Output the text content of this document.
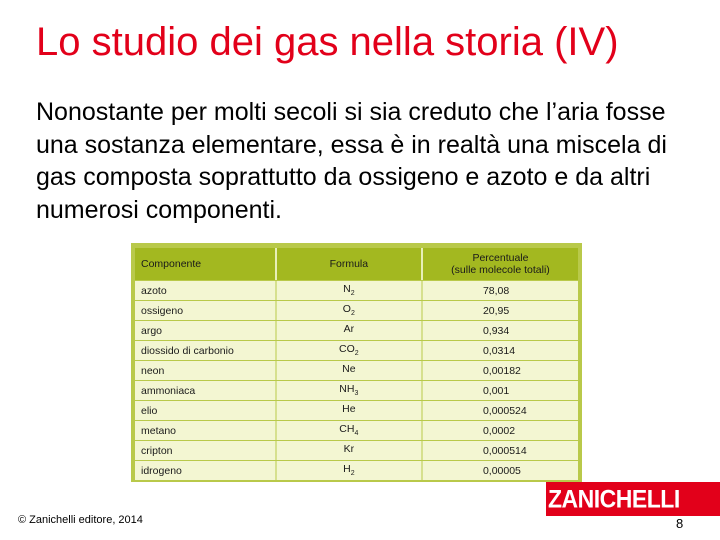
Lo studio dei gas nella storia (IV)

Nonostante per molti secoli si sia creduto che l’aria fosse una sostanza elementare, essa è in realtà una miscela di gas composta soprattutto da ossigeno e azoto e da altri numerosi componenti.

Componente	Formula	Percentuale
(sulle molecole totali)

azoto	$N_2$	78,08
ossigeno	$O_2$	20,95
argo	Ar	0,934
diossido di carbonio	$CO_2$	0,0314
neon	Ne	0,00182
ammoniaca	$NH_3$	0,001
elio	He	0,000524
metano	$CH_4$	0,0002
cripton	Kr	0,000514
idrogeno	$H_2$	0,00005
© Zanichelli editore, 2014
ZANICHELLI
8
